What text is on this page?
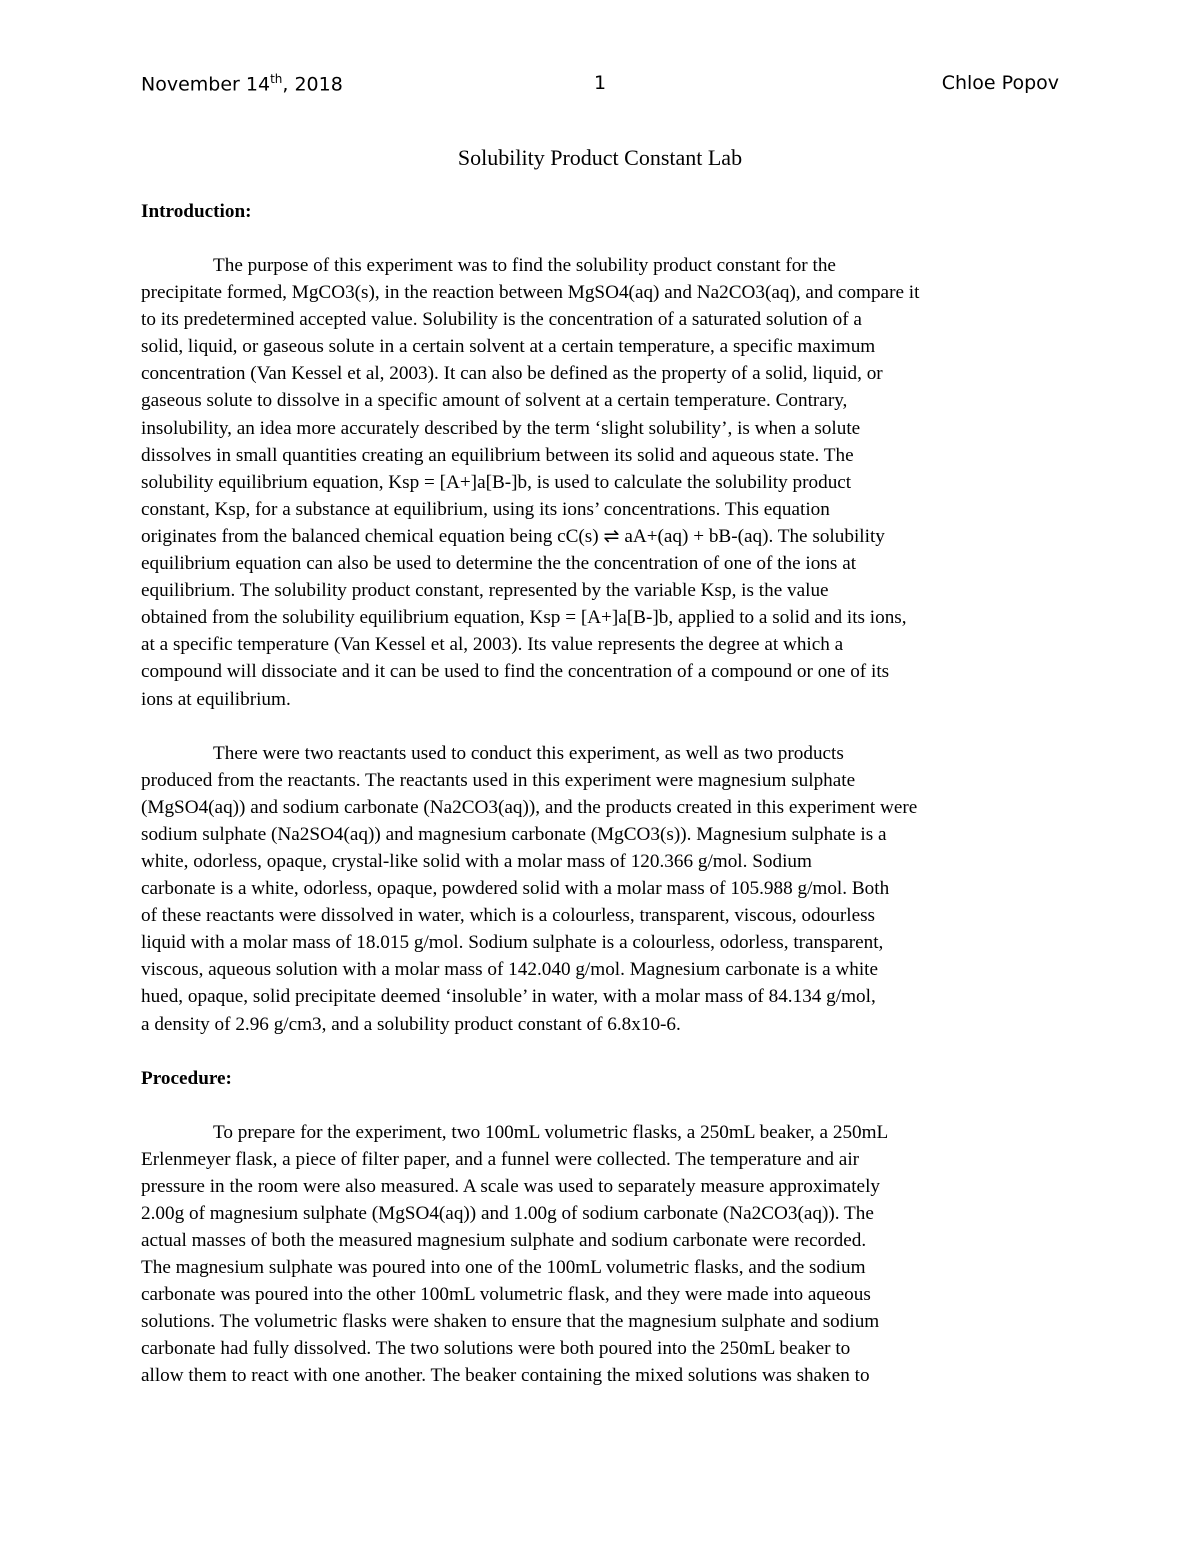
November 14th, 2018	1	Chloe Popov
Solubility Product Constant Lab
Introduction:
The purpose of this experiment was to find the solubility product constant for the
precipitate formed, MgCO3(s), in the reaction between MgSO4(aq) and Na2CO3(aq), and compare it
to its predetermined accepted value. Solubility is the concentration of a saturated solution of a
solid, liquid, or gaseous solute in a certain solvent at a certain temperature, a specific maximum
concentration (Van Kessel et al, 2003). It can also be defined as the property of a solid, liquid, or
gaseous solute to dissolve in a specific amount of solvent at a certain temperature. Contrary,
insolubility, an idea more accurately described by the term ‘slight solubility’, is when a solute
dissolves in small quantities creating an equilibrium between its solid and aqueous state. The
solubility equilibrium equation, Ksp = [A+]a[B-]b, is used to calculate the solubility product
constant, Ksp, for a substance at equilibrium, using its ions’ concentrations. This equation
originates from the balanced chemical equation being cC(s) ⇌ aA+(aq) + bB-(aq). The solubility
equilibrium equation can also be used to determine the the concentration of one of the ions at
equilibrium. The solubility product constant, represented by the variable Ksp, is the value
obtained from the solubility equilibrium equation, Ksp = [A+]a[B-]b, applied to a solid and its ions,
at a specific temperature (Van Kessel et al, 2003). Its value represents the degree at which a
compound will dissociate and it can be used to find the concentration of a compound or one of its
ions at equilibrium.
There were two reactants used to conduct this experiment, as well as two products
produced from the reactants. The reactants used in this experiment were magnesium sulphate
(MgSO4(aq)) and sodium carbonate (Na2CO3(aq)), and the products created in this experiment were
sodium sulphate (Na2SO4(aq)) and magnesium carbonate (MgCO3(s)). Magnesium sulphate is a
white, odorless, opaque, crystal-like solid with a molar mass of 120.366 g/mol. Sodium
carbonate is a white, odorless, opaque, powdered solid with a molar mass of 105.988 g/mol. Both
of these reactants were dissolved in water, which is a colourless, transparent, viscous, odourless
liquid with a molar mass of 18.015 g/mol. Sodium sulphate is a colourless, odorless, transparent,
viscous, aqueous solution with a molar mass of 142.040 g/mol. Magnesium carbonate is a white
hued, opaque, solid precipitate deemed ‘insoluble’ in water, with a molar mass of 84.134 g/mol,
a density of 2.96 g/cm3, and a solubility product constant of 6.8x10-6.
Procedure:
To prepare for the experiment, two 100mL volumetric flasks, a 250mL beaker, a 250mL
Erlenmeyer flask, a piece of filter paper, and a funnel were collected. The temperature and air
pressure in the room were also measured. A scale was used to separately measure approximately
2.00g of magnesium sulphate (MgSO4(aq)) and 1.00g of sodium carbonate (Na2CO3(aq)). The
actual masses of both the measured magnesium sulphate and sodium carbonate were recorded.
The magnesium sulphate was poured into one of the 100mL volumetric flasks, and the sodium
carbonate was poured into the other 100mL volumetric flask, and they were made into aqueous
solutions. The volumetric flasks were shaken to ensure that the magnesium sulphate and sodium
carbonate had fully dissolved. The two solutions were both poured into the 250mL beaker to
allow them to react with one another. The beaker containing the mixed solutions was shaken to
